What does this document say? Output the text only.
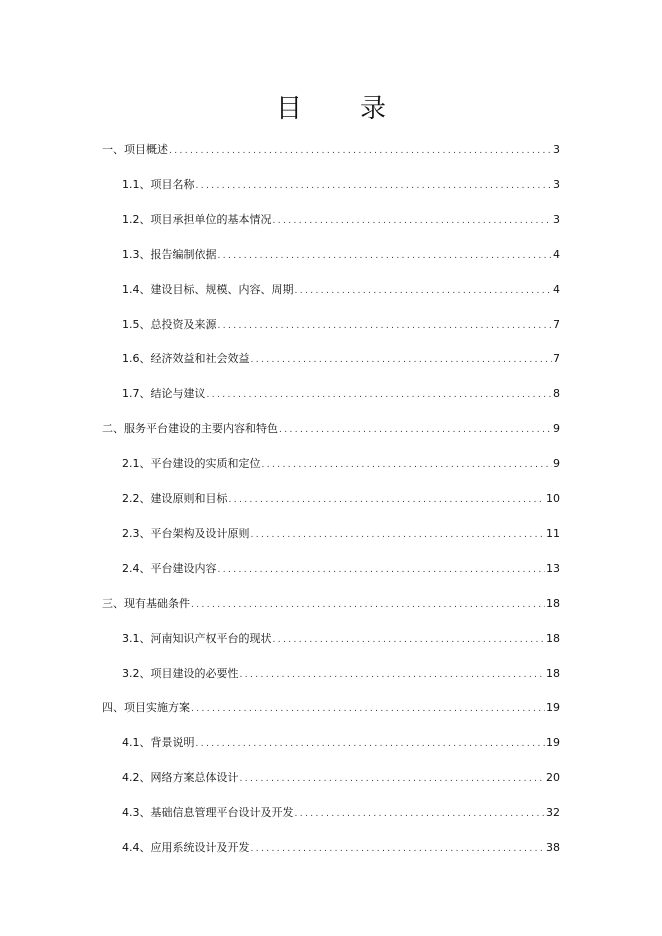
目 录
一、项目概述 .....	3
1.1、项目名称 .....	3
1.2、项目承担单位的基本情况 .....	3
1.3、报告编制依据 .....	4
1.4、建设目标、规模、内容、周期 .....	4
1.5、总投资及来源 .....	7
1.6、经济效益和社会效益 .....	7
1.7、结论与建议 .....	8
二、服务平台建设的主要内容和特色 .....	9
2.1、平台建设的实质和定位 .....	9
2.2、建设原则和目标 .....	10
2.3、平台架构及设计原则 .....	11
2.4、平台建设内容 .....	13
三、现有基础条件 .....	18
3.1、河南知识产权平台的现状 .....	18
3.2、项目建设的必要性 .....	18
四、项目实施方案 .....	19
4.1、背景说明 .....	19
4.2、网络方案总体设计 .....	20
4.3、基础信息管理平台设计及开发 .....	32
4.4、应用系统设计及开发 .....	38
